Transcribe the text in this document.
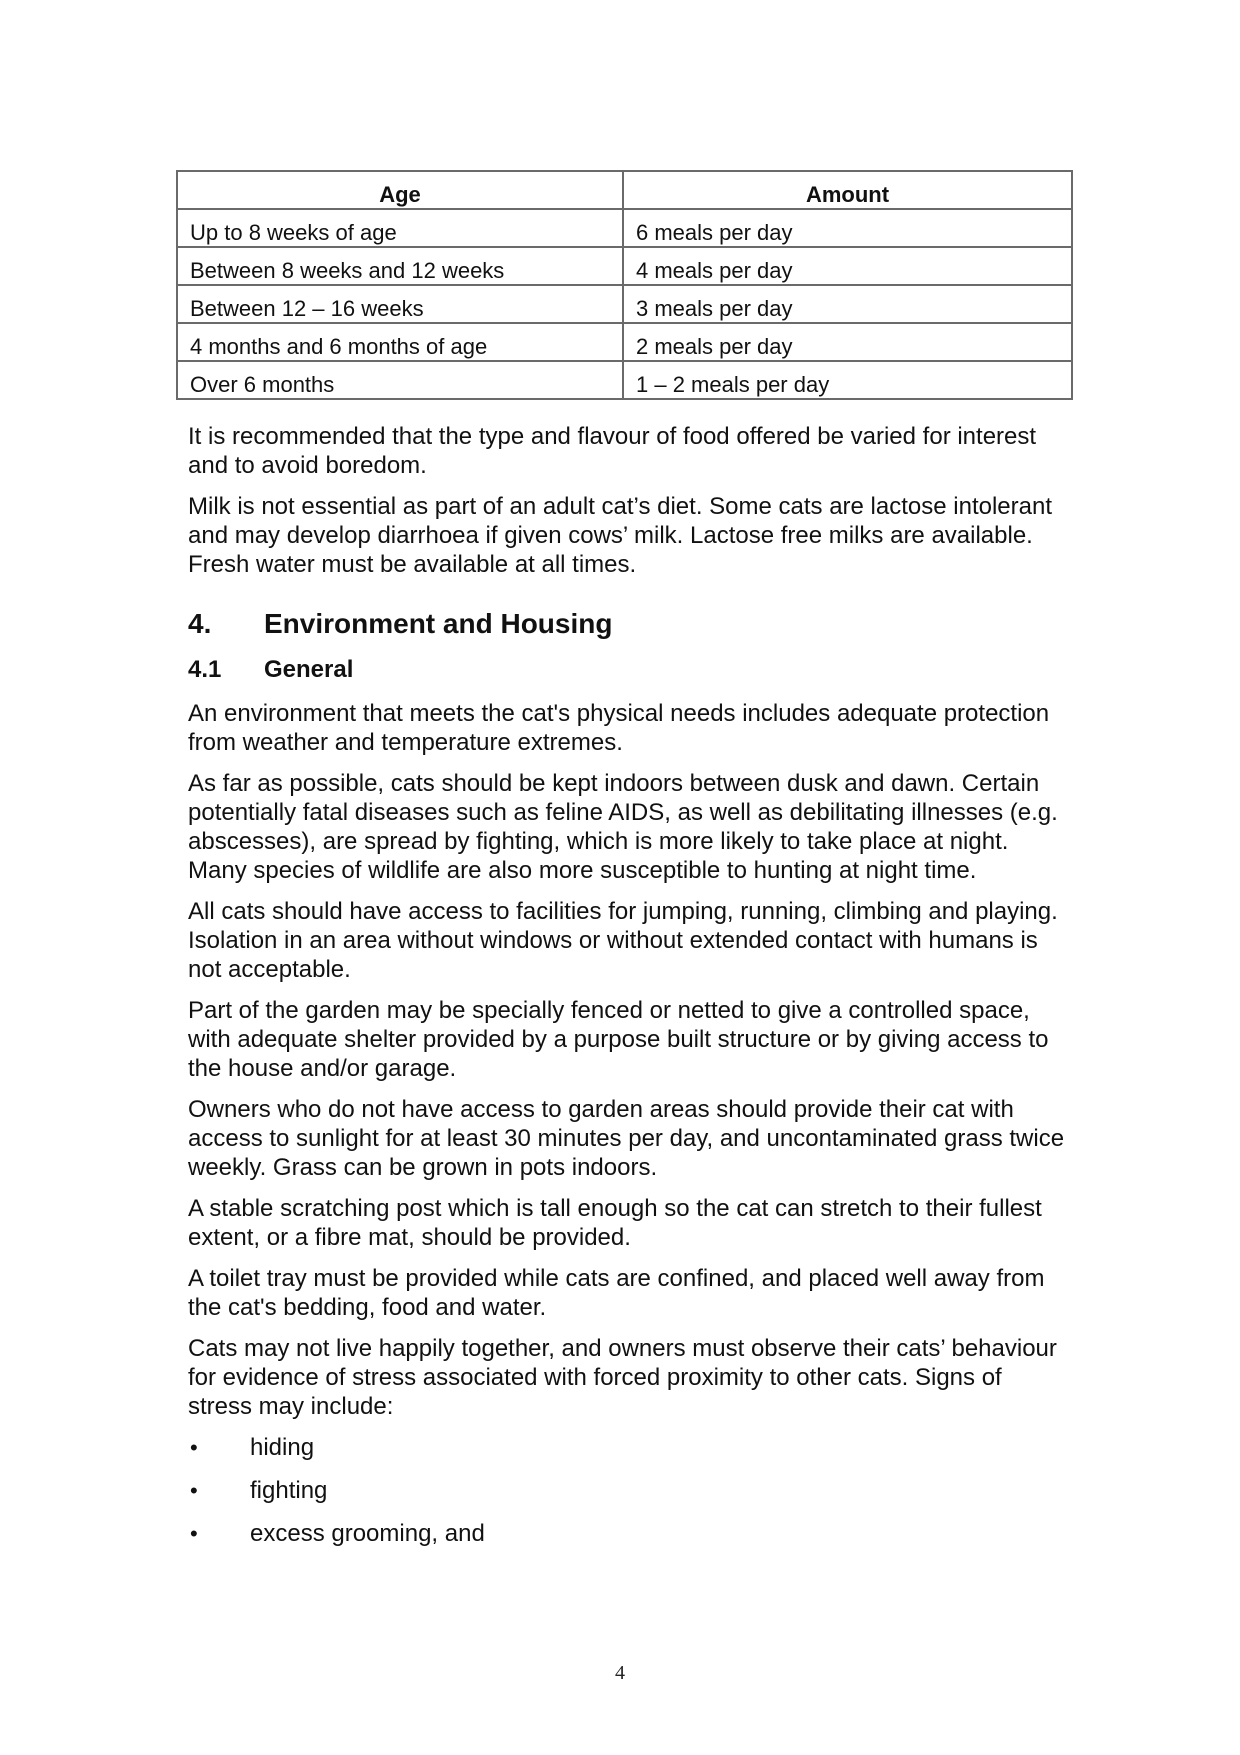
Age	Amount
Up to 8 weeks of age	6 meals per day
Between 8 weeks and 12 weeks	4 meals per day
Between 12 – 16 weeks	3 meals per day
4 months and 6 months of age	2 meals per day
Over 6 months	1 – 2 meals per day

It is recommended that the type and flavour of food offered be varied for interest and to avoid boredom.

Milk is not essential as part of an adult cat’s diet. Some cats are lactose intolerant and may develop diarrhoea if given cows’ milk. Lactose free milks are available. Fresh water must be available at all times.

4.	Environment and Housing
4.1	General

An environment that meets the cat's physical needs includes adequate protection from weather and temperature extremes.

As far as possible, cats should be kept indoors between dusk and dawn. Certain potentially fatal diseases such as feline AIDS, as well as debilitating illnesses (e.g. abscesses), are spread by fighting, which is more likely to take place at night. Many species of wildlife are also more susceptible to hunting at night time.

All cats should have access to facilities for jumping, running, climbing and playing. Isolation in an area without windows or without extended contact with humans is not acceptable.

Part of the garden may be specially fenced or netted to give a controlled space, with adequate shelter provided by a purpose built structure or by giving access to the house and/or garage.

Owners who do not have access to garden areas should provide their cat with access to sunlight for at least 30 minutes per day, and uncontaminated grass twice weekly. Grass can be grown in pots indoors.

A stable scratching post which is tall enough so the cat can stretch to their fullest extent, or a fibre mat, should be provided.

A toilet tray must be provided while cats are confined, and placed well away from the cat's bedding, food and water.

Cats may not live happily together, and owners must observe their cats’ behaviour for evidence of stress associated with forced proximity to other cats. Signs of stress may include:

•	hiding
•	fighting
•	excess grooming, and
4
